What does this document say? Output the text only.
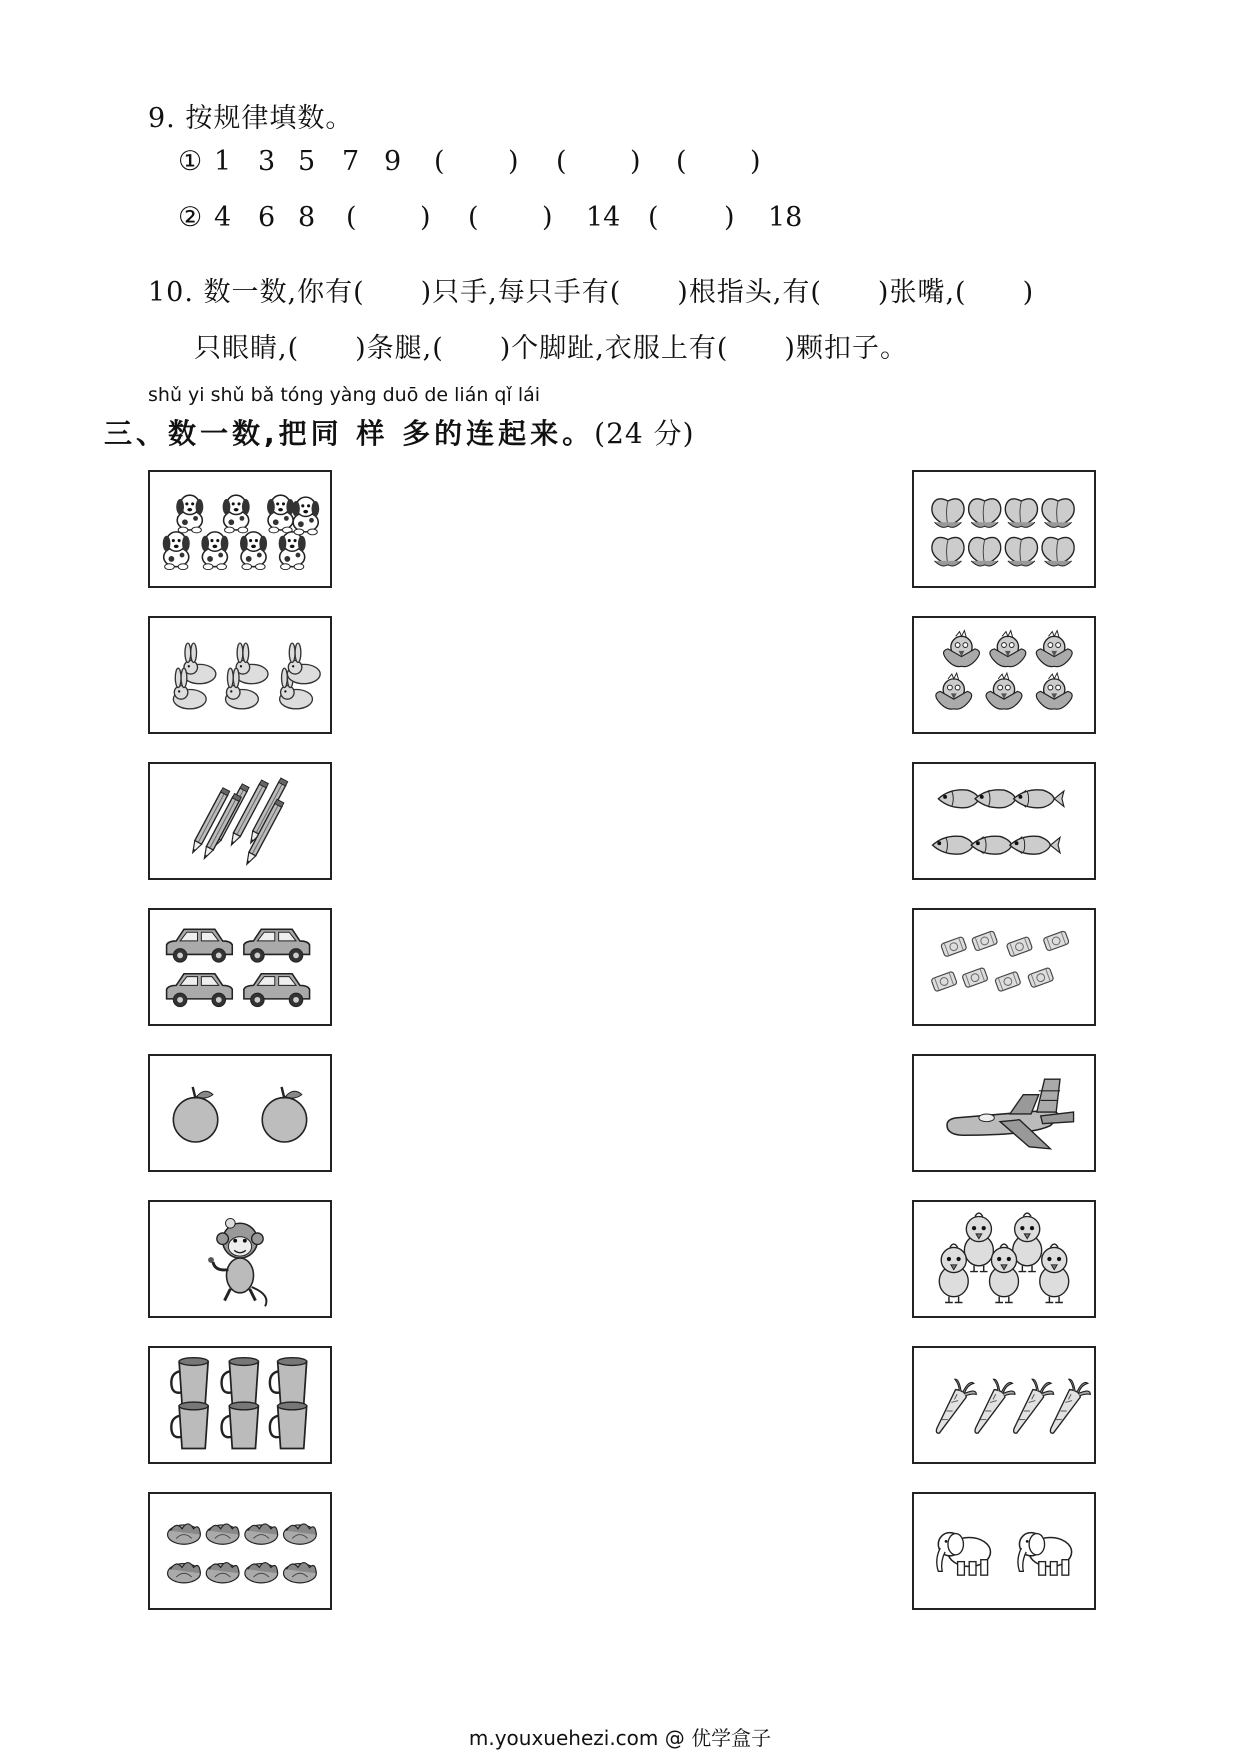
9. 按规律填数。
① 1 3 5 7 9 ( ) ( ) ( )
② 4 6 8 ( ) ( ) 14 ( ) 18
10. 数一数,你有(　　)只手,每只手有(　　)根指头,有(　　)张嘴,(　　)
只眼睛,(　　)条腿,(　　)个脚趾,衣服上有(　　)颗扣子。
shǔ yi shǔ bǎ tóng yàng duō de lián qǐ lái
三、数一数,把同 样 多的连起来。(24 分)
m.youxuehezi.com @ 优学盒子
